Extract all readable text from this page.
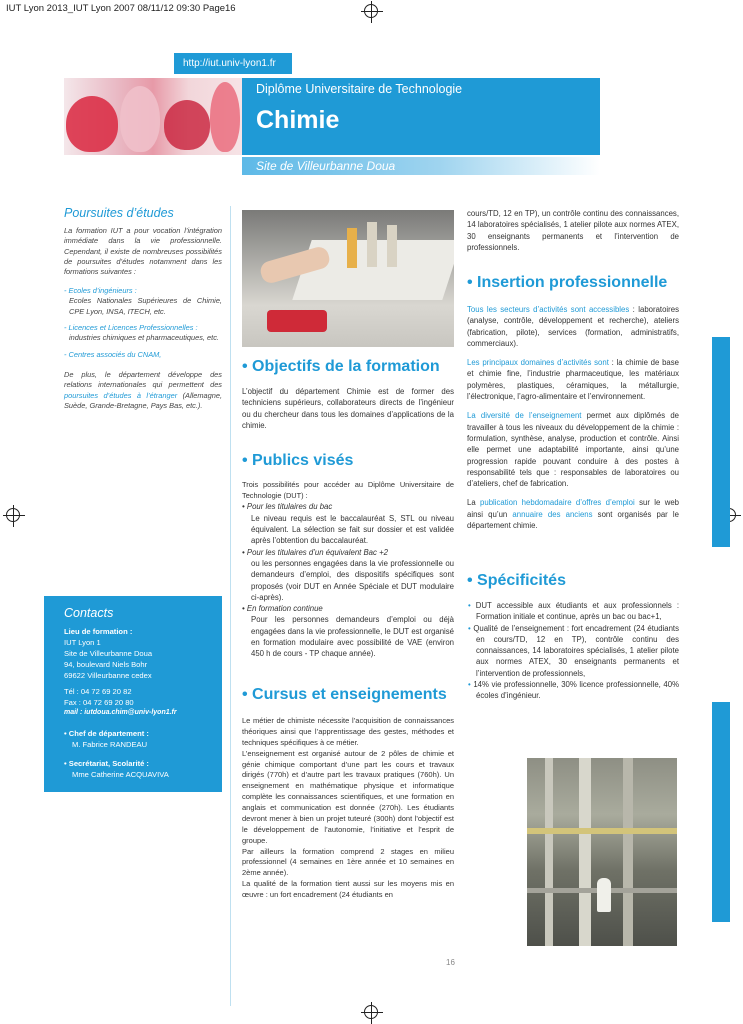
IUT Lyon 2013_IUT Lyon 2007 08/11/12 09:30 Page16
http://iut.univ-lyon1.fr
Diplôme Universitaire de Technologie
Chimie
Site de Villeurbanne Doua
Poursuites d’études

La formation IUT a pour vocation l’intégration immédiate dans la vie professionnelle. Cependant, il existe de nombreuses possibilités de poursuites d’études notamment dans les formations suivantes :

- Ecoles d’ingénieurs :

Ecoles Nationales Supérieures de Chimie, CPE Lyon, INSA, ITECH, etc.

- Licences et Licences Professionnelles :

industries chimiques et pharmaceutiques, etc.

- Centres associés du CNAM,

De plus, le département développe des relations internationales qui permettent des poursuites d’études à l’étranger (Allemagne, Suède, Grande-Bretagne, Pays Bas, etc.).

Contacts
Lieu de formation :
IUT Lyon 1
Site de Villeurbanne Doua
94, boulevard Niels Bohr
69622 Villeurbanne cedex
Tél : 04 72 69 20 82
Fax : 04 72 69 20 80
mail : iutdoua.chim@univ-lyon1.fr
• Chef de département :
M. Fabrice RANDEAU
• Secrétariat, Scolarité :
Mme Catherine ACQUAVIVA
• Objectifs de la formation

L’objectif du département Chimie est de former des techniciens supérieurs, collaborateurs directs de l’ingénieur ou du chercheur dans tous les domaines d’applications de la chimie.

• Publics visés

Trois possibilités pour accéder au Diplôme Universitaire de Technologie (DUT) :

• Pour les titulaires du bac

Le niveau requis est le baccalauréat S, STL ou niveau équivalent. La sélection se fait sur dossier et est validée après l’obtention du baccalauréat.

• Pour les titulaires d’un équivalent Bac +2

ou les personnes engagées dans la vie professionnelle ou demandeurs d’emploi, des dispositifs spécifiques sont proposés (voir DUT en Année Spéciale et DUT modulaire ci-après).

• En formation continue

Pour les personnes demandeurs d’emploi ou déjà engagées dans la vie professionnelle, le DUT est organisé en formation modulaire avec possibilité de VAE (environ 450 h de cours - TP chaque année).

• Cursus et enseignements

Le métier de chimiste nécessite l’acquisition de connaissances théoriques ainsi que l’apprentissage des gestes, méthodes et techniques spécifiques à ce métier.

L’enseignement est organisé autour de 2 pôles de chimie et génie chimique comportant d’une part les cours et travaux dirigés (770h) et d’autre part les travaux pratiques (760h). Un enseignement en mathématique physique et informatique complète les connaissances scientifiques, et une formation en anglais et communication est donnée (270h). Les étudiants devront mener à bien un projet tuteuré (300h) dont l’objectif est le développement de l’autonomie, l’initiative et l’esprit de groupe.

Par ailleurs la formation comprend 2 stages en milieu professionnel (4 semaines en 1ère année et 10 semaines en 2ème année).

La qualité de la formation tient aussi sur les moyens mis en œuvre : un fort encadrement (24 étudiants en

cours/TD, 12 en TP), un contrôle continu des connaissances, 14 laboratoires spécialisés, 1 atelier pilote aux normes ATEX, 30 enseignants permanents et l’intervention de professionnels.

• Insertion professionnelle

Tous les secteurs d’activités sont accessibles : laboratoires (analyse, contrôle, développement et recherche), ateliers (fabrication, pilote), services (formation, administratifs, commerciaux).

Les principaux domaines d’activités sont : la chimie de base et chimie fine, l’industrie pharmaceutique, les matériaux polymères, plastiques, céramiques, la métallurgie, l’électronique, l’agro-alimentaire et l’environnement.

La diversité de l’enseignement permet aux diplômés de travailler à tous les niveaux du développement de la chimie : formulation, synthèse, analyse, production et contrôle. Ainsi elle permet une adaptabilité importante, ainsi qu’une progression rapide pouvant conduire à des postes à responsabilité tels que : responsables de laboratoires ou d’ateliers, chef de fabrication.

La publication hebdomadaire d’offres d’emploi sur le web ainsi qu’un annuaire des anciens sont organisés par le département chimie.

• Spécificités

• DUT accessible aux étudiants et aux professionnels : Formation initiale et continue, après un bac ou bac+1,

• Qualité de l’enseignement : fort encadrement (24 étudiants en cours/TD, 12 en TP), contrôle continu des connaissances, 14 laboratoires spécialisés, 1 atelier pilote aux normes ATEX, 30 enseignants permanents et l’intervention de professionnels,

• 14% vie professionnelle, 30% licence professionnelle, 40% écoles d’ingénieur.

16
